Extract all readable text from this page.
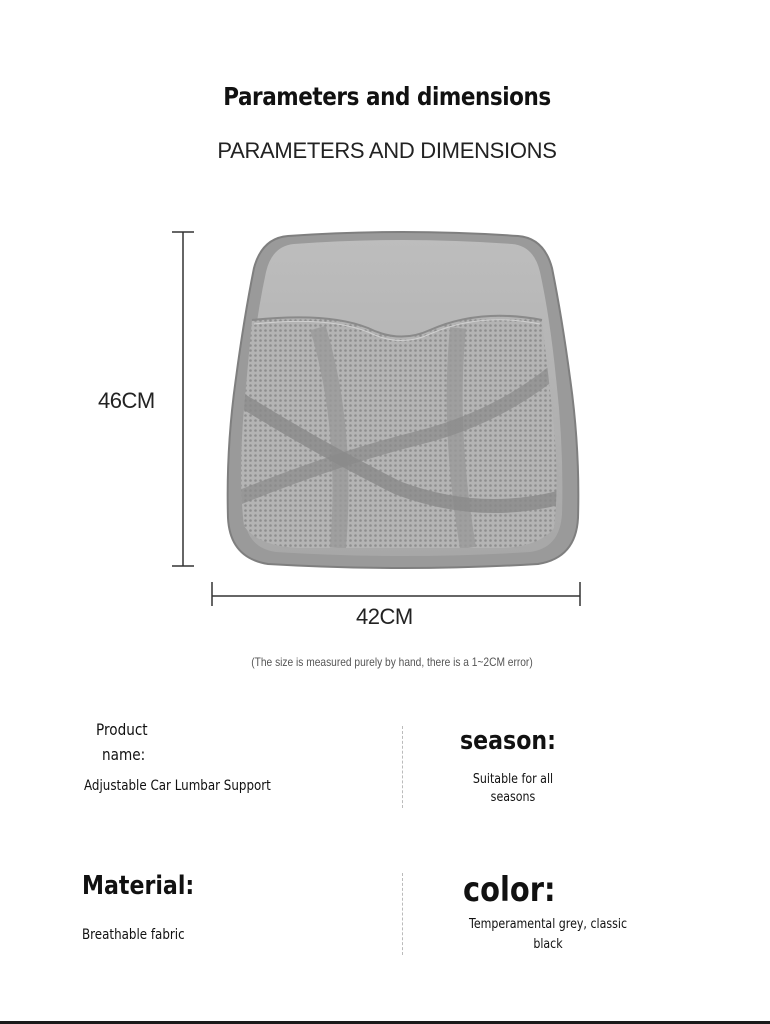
Parameters and dimensions
PARAMETERS AND DIMENSIONS
46CM
42CM
(The size is measured purely by hand, there is a 1~2CM error)
Product
name:
Adjustable Car Lumbar Support
season:
Suitable for all
seasons
Material:
Breathable fabric
color:
Temperamental grey, classic
black
